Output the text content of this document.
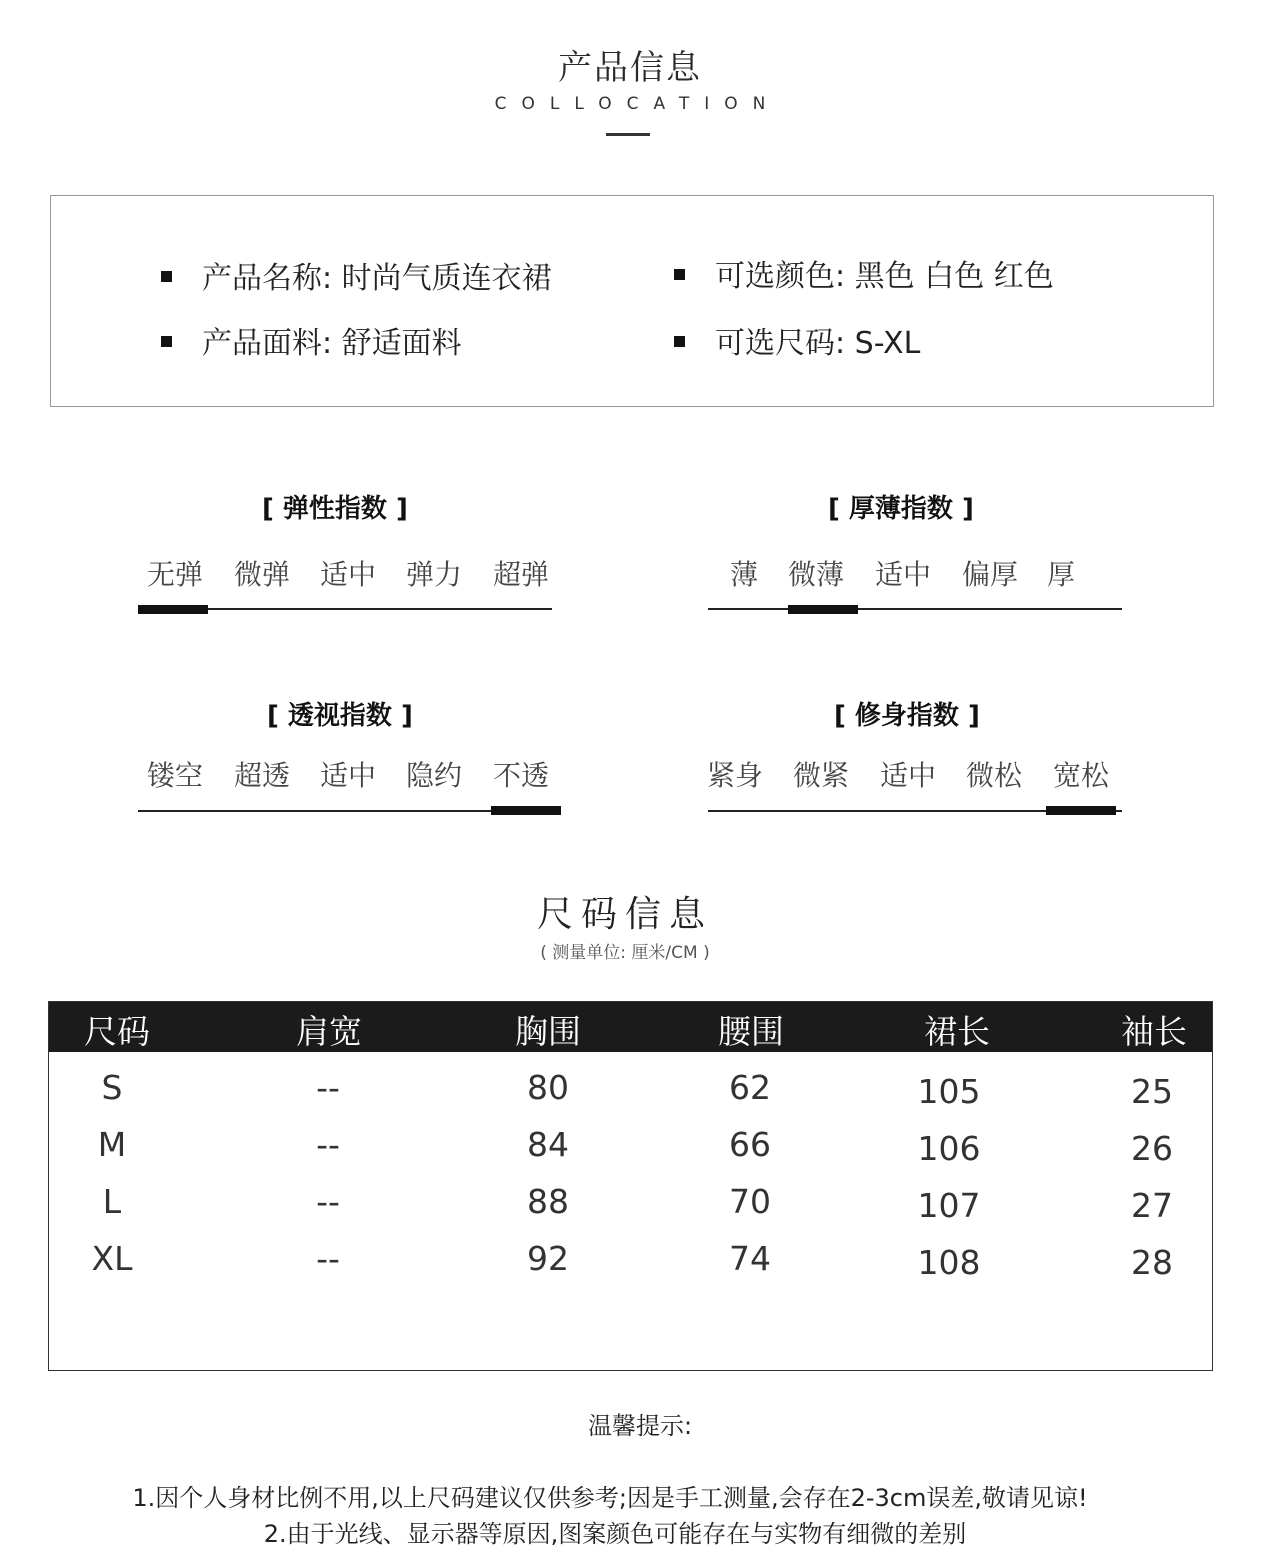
产品信息
COLLOCATION
产品名称: 时尚气质连衣裙
产品面料: 舒适面料
可选颜色: 黑色 白色 红色
可选尺码: S-XL
[ 弹性指数 ]
无弹 微弹 适中 弹力 超弹
[ 厚薄指数 ]
薄 微薄 适中 偏厚 厚
[ 透视指数 ]
镂空 超透 适中 隐约 不透
[ 修身指数 ]
紧身 微紧 适中 微松 宽松
尺码信息
( 测量单位: 厘米/CM )
尺码	肩宽	胸围	腰围	裙长	袖长
S	--	80	62	105	25
M	--	84	66	106	26
L	--	88	70	107	27
XL	--	92	74	108	28
温馨提示:
1.因个人身材比例不用,以上尺码建议仅供参考;因是手工测量,会存在2-3cm误差,敬请见谅!
2.由于光线、显示器等原因,图案颜色可能存在与实物有细微的差别
